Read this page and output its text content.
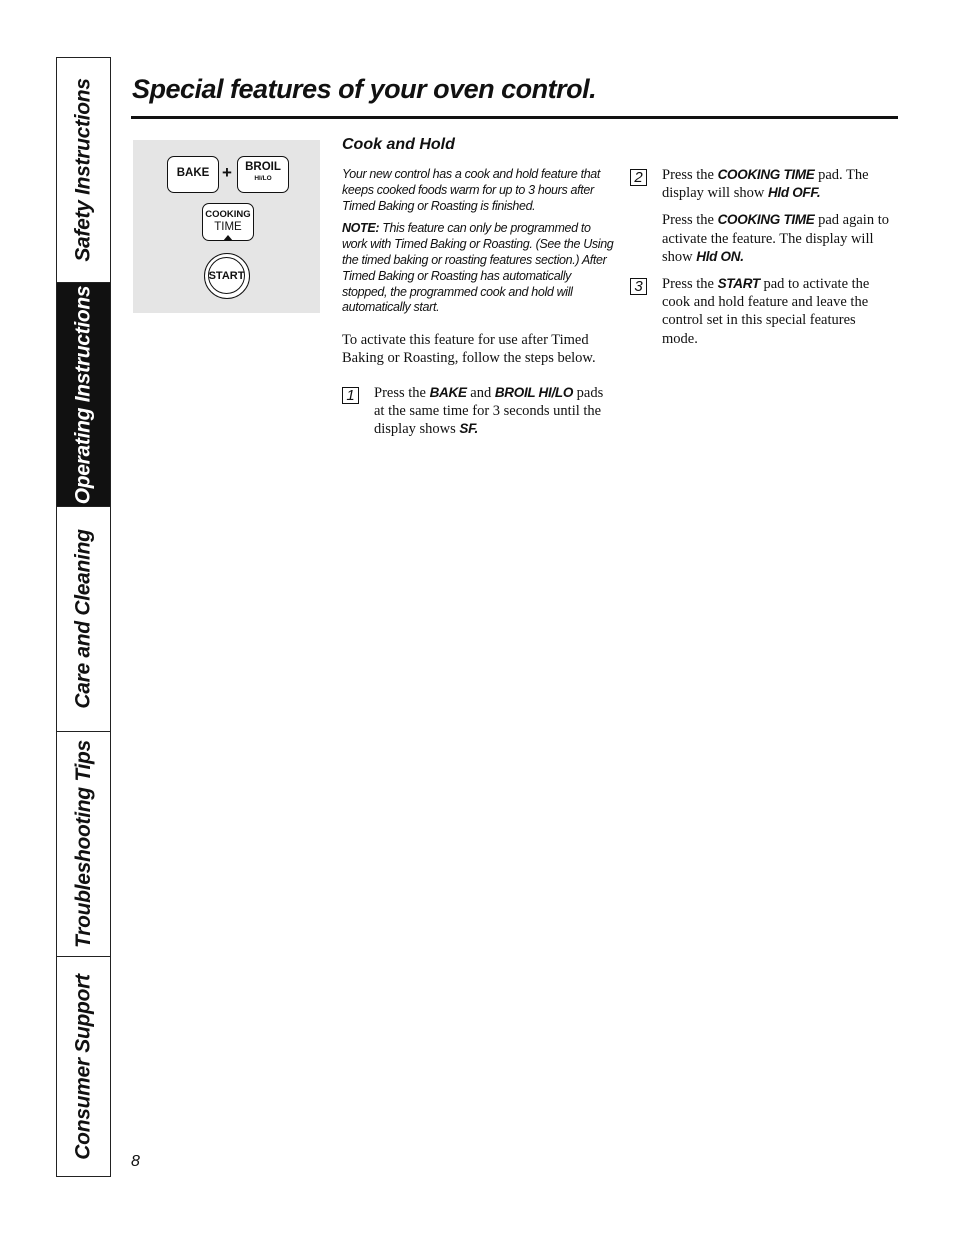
Safety Instructions
Operating Instructions
Care and Cleaning
Troubleshooting Tips
Consumer Support
Special features of your oven control.
BAKE +	BROIL
HI/LO
COOKING
TIME
START
Cook and Hold

Your new control has a cook and hold feature that keeps cooked foods warm for up to 3 hours after Timed Baking or Roasting is finished.

NOTE: This feature can only be programmed to work with Timed Baking or Roasting. (See the Using the timed baking or roasting features section.) After Timed Baking or Roasting has automatically stopped, the programmed cook and hold will automatically start.

To activate this feature for use after Timed Baking or Roasting, follow the steps below.

1 Press the BAKE and BROIL HI/LO pads at the same time for 3 seconds until the display shows SF.

2 Press the COOKING TIME pad. The display will show Hld OFF.

Press the COOKING TIME pad again to activate the feature. The display will show Hld ON.

3 Press the START pad to activate the cook and hold feature and leave the control set in this special features mode.

8
